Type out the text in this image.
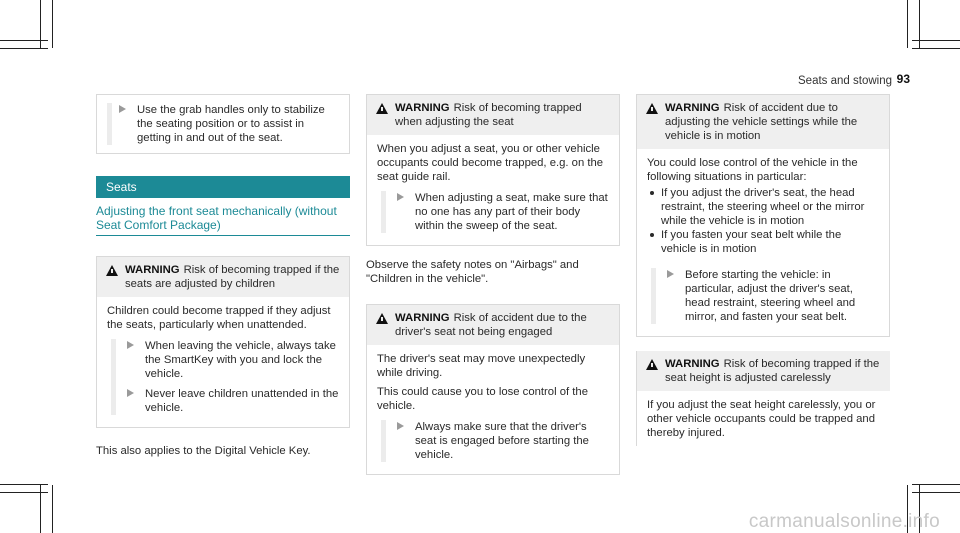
Seats and stowing 93
Use the grab handles only to stabilize the seating position or to assist in getting in and out of the seat.
Seats
Adjusting the front seat mechanically (without Seat Comfort Package)
WARNING Risk of becoming trapped if the seats are adjusted by children

Children could become trapped if they adjust the seats, particularly when unattended.

When leaving the vehicle, always take the SmartKey with you and lock the vehicle.
Never leave children unattended in the vehicle.

This also applies to the Digital Vehicle Key.

WARNING Risk of becoming trapped when adjusting the seat

When you adjust a seat, you or other vehicle occupants could become trapped, e.g. on the seat guide rail.

When adjusting a seat, make sure that no one has any part of their body within the sweep of the seat.

Observe the safety notes on "Airbags" and "Children in the vehicle".

WARNING Risk of accident due to the driver's seat not being engaged

The driver's seat may move unexpectedly while driving.

This could cause you to lose control of the vehicle.

Always make sure that the driver's seat is engaged before starting the vehicle.
WARNING Risk of accident due to adjusting the vehicle settings while the vehicle is in motion

You could lose control of the vehicle in the following situations in particular:

If you adjust the driver's seat, the head restraint, the steering wheel or the mirror while the vehicle is in motion
If you fasten your seat belt while the vehicle is in motion
Before starting the vehicle: in particular, adjust the driver's seat, head restraint, steering wheel and mirror, and fasten your seat belt.
WARNING Risk of becoming trapped if the seat height is adjusted carelessly

If you adjust the seat height carelessly, you or other vehicle occupants could be trapped and thereby injured.

carmanualsonline.info
